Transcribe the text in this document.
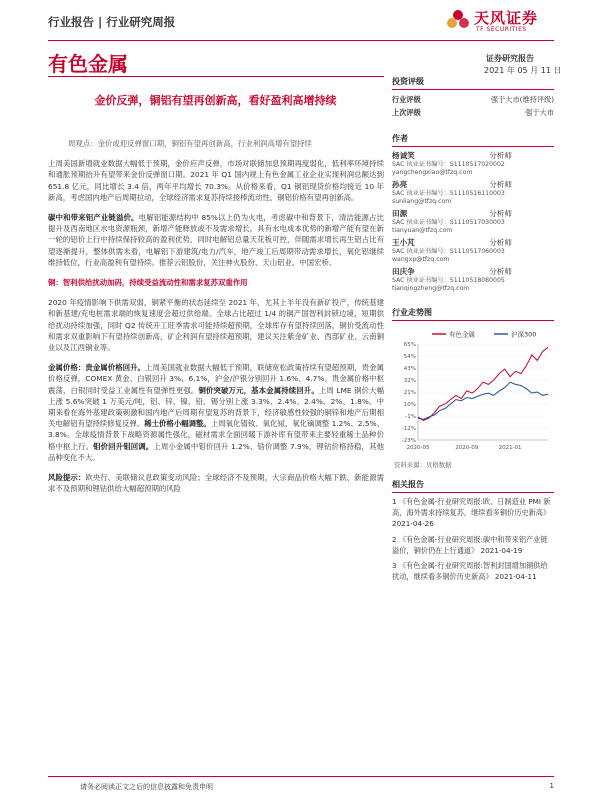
行业报告 | 行业研究周报	天风证券
TF SECURITIES
有色金属	证券研究报告
2021 年 05 月 11 日
金价反弹，铜铝有望再创新高，看好盈利高增持续

周观点：金价或迎反弹窗口期，铜铝有望再创新高，行业利润高增有望持续

上周美国新增就业数据大幅低于预期，金价应声反弹，市场对联储加息预期再度弱化，低利率环境持续和通胀预期抬升有望带来金价反弹窗口期。2021 年 Q1 国内规上有色金属工业企业实现利润总额达到 651.8 亿元，同比增长 3.4 倍，两年平均增长 70.3%。从价格来看，Q1 铜铝现货价格均接近 10 年新高，考虑国内地产后周期拉动，全球经济需求复苏持续接棒流动性，铜铝价格有望再创新高。

碳中和带来铝产业链溢价。电解铝能源结构中 85%以上仍为火电，考虑碳中和背景下，清洁能源占比提升及西南地区水电资源瓶颈，新增产能释放或不及需求增长，具有水电成本优势的新增产能有望在新一轮的铝价上行中持续保持较高的盈利优势，同时电解铝总量天花板可控，伴随需求增长再生铝占比有望逐渐提升，整体供需未看，电解铝下游建筑/电力/汽车，地产竣工后周期带动需求增长，氧化铝继续维持低位，行业高盈利有望持续。推荐云铝股份，关注神火股份、天山铝业、中国宏桥。

铜：智利供给扰动加码，持续受益流动性和需求复苏双重作用

2020 年疫情影响下供需双弱，铜紧平衡的状态延续至 2021 年，尤其上半年没有新矿投产，传统基建和新基建/充电桩需求端的恢复速度会超过供给端。全球占比超过 1/4 的铜产国智利封锁边境，短期供给扰动持续加强，同时 Q2 传统开工旺季需求可能持续超预期，全球库存有望持续回落，铜价受流动性和需求双重影响下有望持续创新高，矿企利润有望持续超预期，建议关注紫金矿业、西部矿业、云南铜业以及江西铜业等。

金属价格：贵金属价格回升。上周美国就业数据大幅低于预期，联储宽松政策持续有望超预期，贵金属价格反弹，COMEX 黄金、白银回升 3%、6.1%，沪金/沪银分别回升 1.6%、4.7%。贵金属价格中枢震荡，白银同时受益工业属性有望弹性更强。铜价突破万元，基本金属持续回升。上周 LME 铜价大幅上涨 5.6%突破 1 万美元/吨，铝、锌、镍、铅、锡分别上涨 3.3%、2.4%、2.4%、2%、1.8%。中期来看在海外基建政策刺激和国内地产后周期有望复苏的背景下，经济敏感性较强的铜锌和地产后期相关电解铝有望持续修复反弹。稀土价格小幅调整。上周氧化镨钕、氧化铽、氧化镝调整 1.2%、2.5%、3.8%。全球疫情背景下战略资源属性强化，磁材需求全面回暖下游补库有望带来主要轻重稀土品种价格中枢上行。钼价回升钼回调。上周小金属中钼价回升 1.2%、锆价调整 7.9%，锂钴价格持稳，其他品种变化不大。

风险提示：欧央行、美联储议息政策变动风险；全球经济不及预期，大宗商品价格大幅下跌、新能源需求不及预期和锂钴供给大幅超预期的风险

投资评级
行业评级	强于大市(维持评级)
上次评级	强于大市
作者
杨诚笑	分析师
SAC 执业证书编号：S1110517020002
yangchengxiao@tfzq.com
孙亮	分析师
SAC 执业证书编号：S1110516110003
sunliang@tfzq.com
田源	分析师
SAC 执业证书编号：S1110517030003
tianyuan@tfzq.com
王小芃	分析师
SAC 执业证书编号：S1110517060003
wangxp@tfzq.com
田庆争	分析师
SAC 执业证书编号：S1110518080005
tianqingzheng@tfzq.com
行业走势图
有色金属	沪深300
-23%
-12%
-1%
10%
21%
32%
43%
54%
65%
2020-05	2020-09	2021-01
资料来源：贝格数据
相关报告
1 《有色金属-行业研究周报:欧、日制造业 PMI 新高，海外需求持续复苏，继续看多铜价历史新高》 2021-04-26
2 《有色金属-行业研究周报:碳中和带来铝产业链溢价，铜价仍在上行通道》 2021-04-19
3 《有色金属-行业研究周报:智利封国增加铜供给扰动，继续看多铜价历史新高》 2021-04-11
请务必阅读正文之后的信息披露和免责申明	1
